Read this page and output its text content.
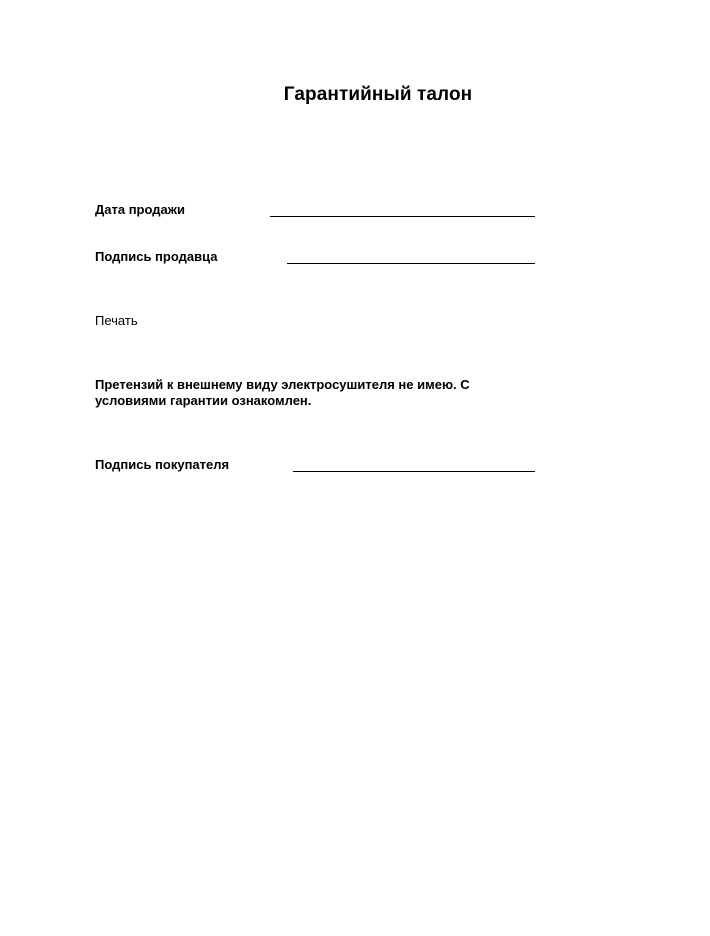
Гарантийный талон
Дата продажи
Подпись продавца
Печать
Претензий к внешнему виду электросушителя не имею. С условиями гарантии ознакомлен.
Подпись покупателя
